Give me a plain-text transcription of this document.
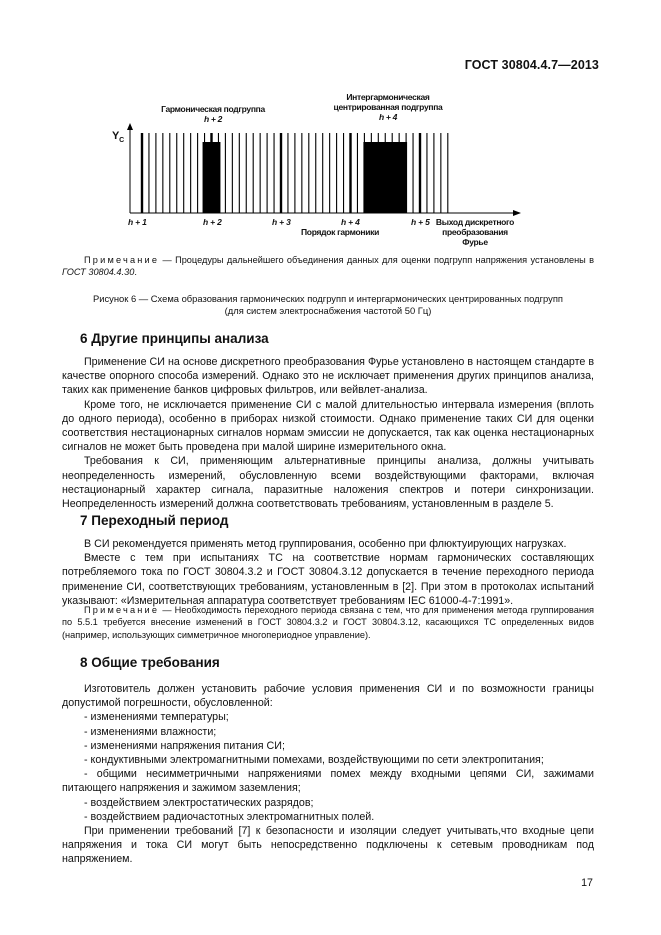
ГОСТ 30804.4.7—2013
Гармоническая подгруппа
h + 2
Интергармоническая
центрированная подгруппа
h + 4
$Y_C$
h + 1	h + 2	h + 3	h + 4	h + 5
Порядок гармоники
Выход дискретного
преобразования
Фурье

Примечание — Процедуры дальнейшего объединения данных для оценки подгрупп напряжения установлены в ГОСТ 30804.4.30.

Рисунок 6 — Схема образования гармонических подгрупп и интергармонических центрированных подгрупп
(для систем электроснабжения частотой 50 Гц)
6 Другие принципы анализа

Применение СИ на основе дискретного преобразования Фурье установлено в настоящем стандарте в качестве опорного способа измерений. Однако это не исключает применения других принципов анализа, таких как применение банков цифровых фильтров, или вейвлет-анализа.

Кроме того, не исключается применение СИ с малой длительностью интервала измерения (вплоть до одного периода), особенно в приборах низкой стоимости. Однако применение таких СИ для оценки соответствия нестационарных сигналов нормам эмиссии не допускается, так как оценка нестационарных сигналов не может быть проведена при малой ширине измерительного окна.

Требования к СИ, применяющим альтернативные принципы анализа, должны учитывать неопределенность измерений, обусловленную всеми воздействующими факторами, включая нестационарный характер сигнала, паразитные наложения спектров и потери синхронизации. Неопределенность измерений должна соответствовать требованиям, установленным в разделе 5.

7 Переходный период

В СИ рекомендуется применять метод группирования, особенно при флюктуирующих нагрузках.

Вместе с тем при испытаниях ТС на соответствие нормам гармонических составляющих потребляемого тока по ГОСТ 30804.3.2 и ГОСТ 30804.3.12 допускается в течение переходного периода применение СИ, соответствующих требованиям, установленным в [2]. При этом в протоколах испытаний указывают: «Измерительная аппаратура соответствует требованиям IEC 61000-4-7:1991».

Примечание — Необходимость переходного периода связана с тем, что для применения метода группирования по 5.5.1 требуется внесение изменений в ГОСТ 30804.3.2 и ГОСТ 30804.3.12, касающихся ТС определенных видов (например, использующих симметричное многопериодное управление).

8 Общие требования

Изготовитель должен установить рабочие условия применения СИ и по возможности границы допустимой погрешности, обусловленной:

- изменениями температуры;

- изменениями влажности;

- изменениями напряжения питания СИ;

- кондуктивными электромагнитными помехами, воздействующими по сети электропитания;

- общими несимметричными напряжениями помех между входными цепями СИ, зажимами питающего напряжения и зажимом заземления;

- воздействием электростатических разрядов;

- воздействием радиочастотных электромагнитных полей.

При применении требований [7] к безопасности и изоляции следует учитывать,что входные цепи напряжения и тока СИ могут быть непосредственно подключены к сетевым проводникам под напряжением.

17
